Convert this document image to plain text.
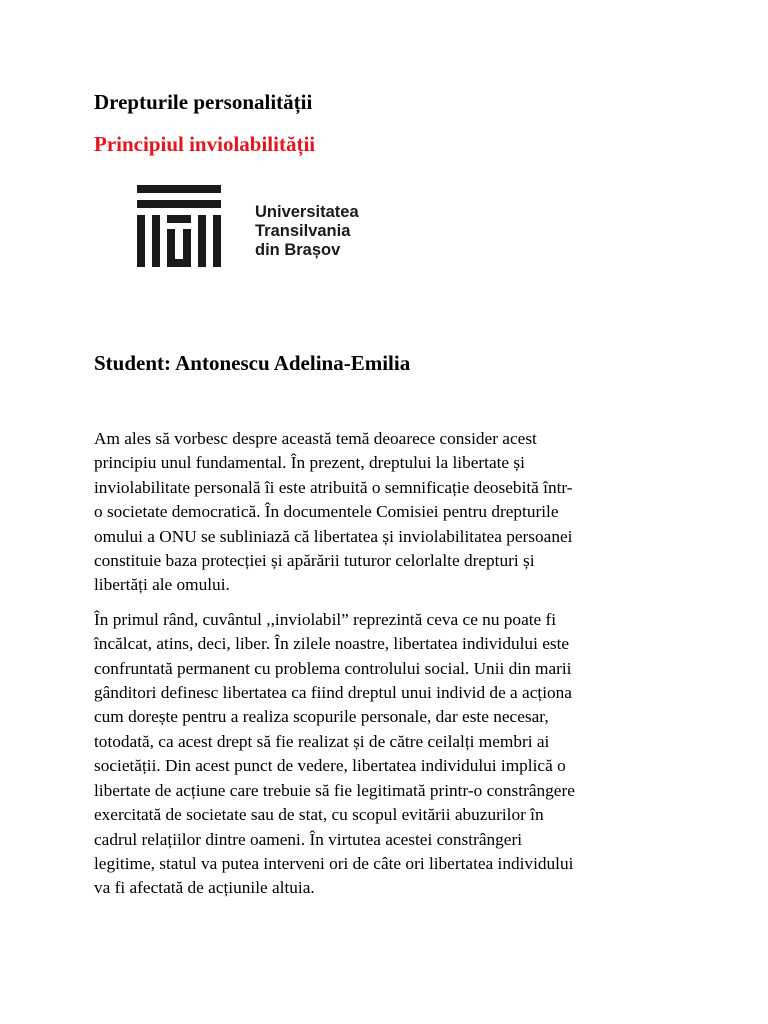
Drepturile personalității
Principiul inviolabilității
Universitatea
Transilvania
din Brașov
Student: Antonescu Adelina-Emilia
Am ales să vorbesc despre această temă deoarece consider acest
principiu unul fundamental. În prezent, dreptului la libertate și
inviolabilitate personală îi este atribuită o semnificație deosebită într-
o societate democratică. În documentele Comisiei pentru drepturile
omului a ONU se subliniază că libertatea și inviolabilitatea persoanei
constituie baza protecției și apărării tuturor celorlalte drepturi și
libertăți ale omului.
În primul rând, cuvântul ,,inviolabil” reprezintă ceva ce nu poate fi
încălcat, atins, deci, liber. În zilele noastre, libertatea individului este
confruntată permanent cu problema controlului social. Unii din marii
gânditori definesc libertatea ca fiind dreptul unui individ de a acționa
cum dorește pentru a realiza scopurile personale, dar este necesar,
totodată, ca acest drept să fie realizat și de către ceilalți membri ai
societății. Din acest punct de vedere, libertatea individului implică o
libertate de acțiune care trebuie să fie legitimată printr-o constrângere
exercitată de societate sau de stat, cu scopul evitării abuzurilor în
cadrul relațiilor dintre oameni. În virtutea acestei constrângeri
legitime, statul va putea interveni ori de câte ori libertatea individului
va fi afectată de acțiunile altuia.
